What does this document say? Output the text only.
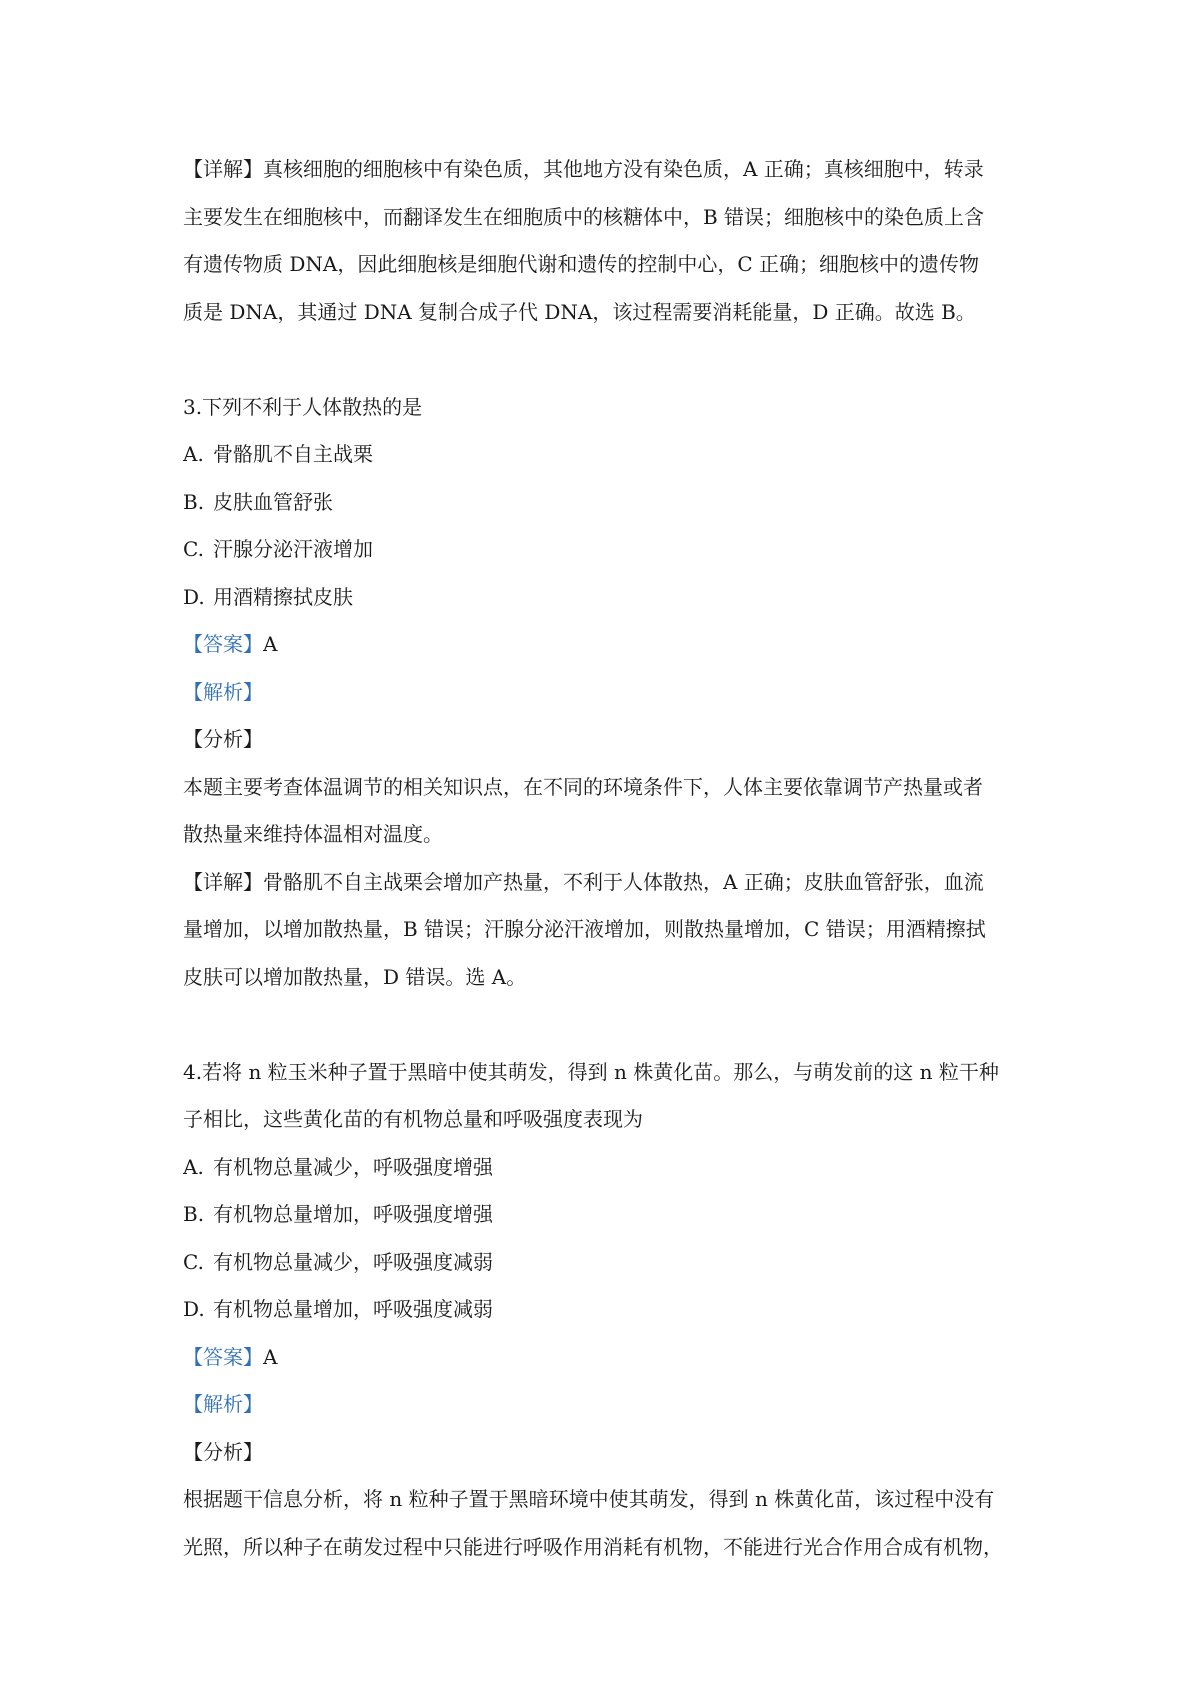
【详解】真核细胞的细胞核中有染色质，其他地方没有染色质，A 正确；真核细胞中，转录
主要发生在细胞核中，而翻译发生在细胞质中的核糖体中，B 错误；细胞核中的染色质上含
有遗传物质 DNA，因此细胞核是细胞代谢和遗传的控制中心，C 正确；细胞核中的遗传物
质是 DNA，其通过 DNA 复制合成子代 DNA，该过程需要消耗能量，D 正确。故选 B。
3.下列不利于人体散热的是
A. 骨骼肌不自主战栗
B. 皮肤血管舒张
C. 汗腺分泌汗液增加
D. 用酒精擦拭皮肤
【答案】A
【解析】
【分析】
本题主要考查体温调节的相关知识点，在不同的环境条件下，人体主要依靠调节产热量或者
散热量来维持体温相对温度。
【详解】骨骼肌不自主战栗会增加产热量，不利于人体散热，A 正确；皮肤血管舒张，血流
量增加，以增加散热量，B 错误；汗腺分泌汗液增加，则散热量增加，C 错误；用酒精擦拭
皮肤可以增加散热量，D 错误。选 A。
4.若将 n 粒玉米种子置于黑暗中使其萌发，得到 n 株黄化苗。那么，与萌发前的这 n 粒干种
子相比，这些黄化苗的有机物总量和呼吸强度表现为
A. 有机物总量减少，呼吸强度增强
B. 有机物总量增加，呼吸强度增强
C. 有机物总量减少，呼吸强度减弱
D. 有机物总量增加，呼吸强度减弱
【答案】A
【解析】
【分析】
根据题干信息分析，将 n 粒种子置于黑暗环境中使其萌发，得到 n 株黄化苗，该过程中没有
光照，所以种子在萌发过程中只能进行呼吸作用消耗有机物，不能进行光合作用合成有机物，
